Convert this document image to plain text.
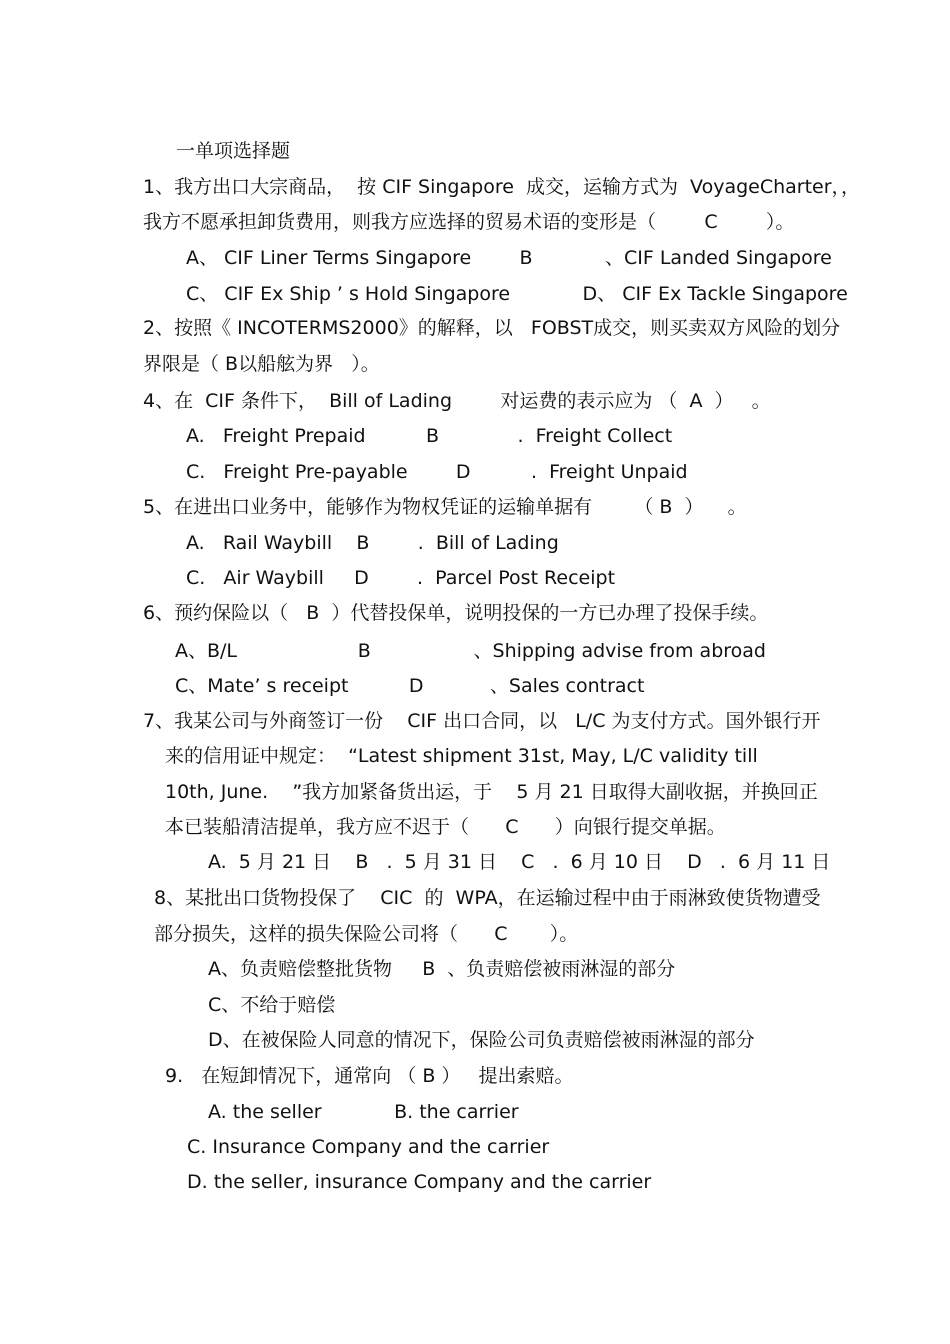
一单项选择题
1、我方出口大宗商品，  按 CIF Singapore  成交，运输方式为  VoyageCharter，，
我方不愿承担卸货费用，则我方应选择的贸易术语的变形是（        C        ）。
A、 CIF Liner Terms Singapore        B            、CIF Landed Singapore
C、 CIF Ex Ship ’ s Hold Singapore            D、 CIF Ex Tackle Singapore
2、按照《 INCOTERMS2000》的解释，以   FOBST成交，则买卖双方风险的划分
界限是（ B以船舷为界   ）。
4、在  CIF 条件下，  Bill of Lading        对运费的表示应为 （  A  ）   。
A.   Freight Prepaid          B             .  Freight Collect
C.   Freight Pre-payable        D          .  Freight Unpaid
5、在进出口业务中，能够作为物权凭证的运输单据有       （ B  ）    。
A.   Rail Waybill    B        .  Bill of Lading
C.   Air Waybill     D        .  Parcel Post Receipt
6、预约保险以（   B  ）代替投保单，说明投保的一方已办理了投保手续。
A、B/L                    B                 、Shipping advise from abroad
C、Mate’ s receipt          D           、Sales contract
7、我某公司与外商签订一份    CIF 出口合同，以   L/C 为支付方式。国外银行开
来的信用证中规定：  “Latest shipment 31st, May, L/C validity till
10th, June.    ”我方加紧备货出运，于    5 月 21 日取得大副收据，并换回正
本已装船清洁提单，我方应不迟于（      C      ）向银行提交单据。
A.  5 月 21 日    B   .  5 月 31 日    C   .  6 月 10 日    D   .  6 月 11 日
8、某批出口货物投保了    CIC  的  WPA，在运输过程中由于雨淋致使货物遭受
部分损失，这样的损失保险公司将（      C       ）。
A、负责赔偿整批货物     B  、负责赔偿被雨淋湿的部分
C、不给于赔偿
D、在被保险人同意的情况下，保险公司负责赔偿被雨淋湿的部分
9.   在短卸情况下，通常向 （ B ）   提出索赔。
A. the seller            B. the carrier
C. Insurance Company and the carrier
D. the seller, insurance Company and the carrier
